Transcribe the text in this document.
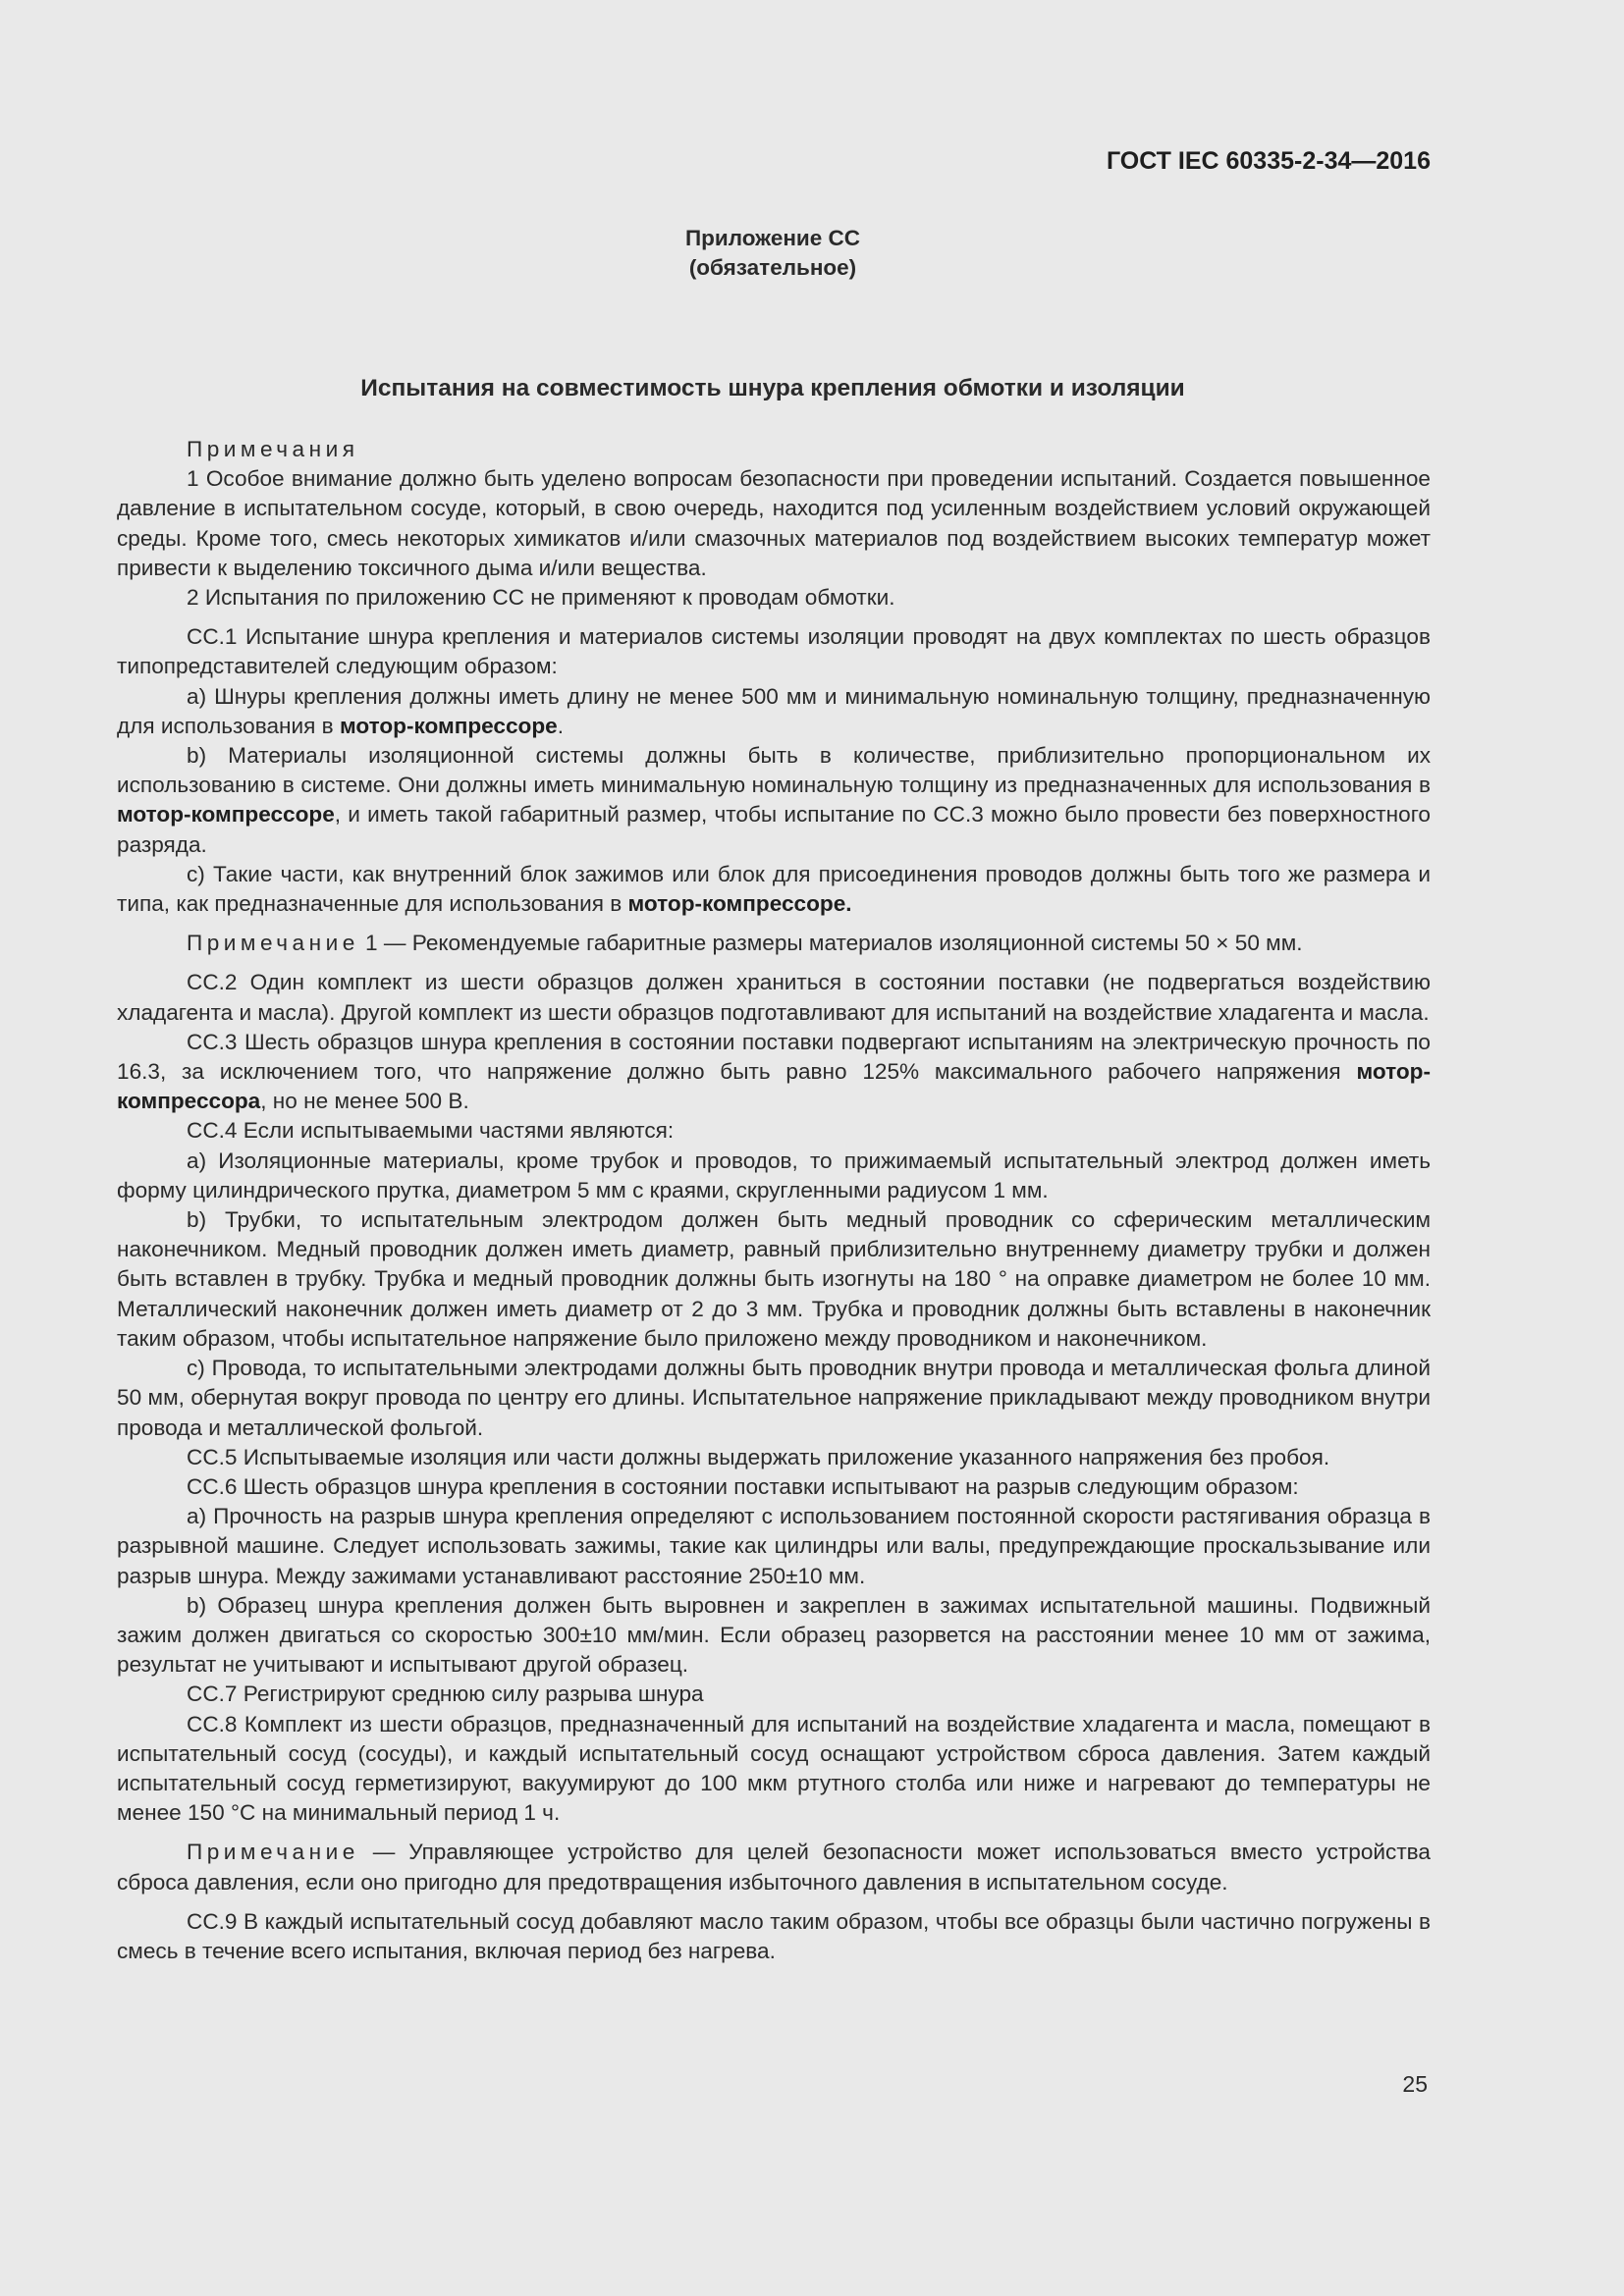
ГОСТ IEC 60335-2-34—2016
Приложение СС
(обязательное)
Испытания на совместимость шнура крепления обмотки и изоляции

Примечания

1 Особое внимание должно быть уделено вопросам безопасности при проведении испытаний. Создается повышенное давление в испытательном сосуде, который, в свою очередь, находится под усиленным воздействием условий окружающей среды. Кроме того, смесь некоторых химикатов и/или смазочных материалов под воздействием высоких температур может привести к выделению токсичного дыма и/или вещества.

2 Испытания по приложению СС не применяют к проводам обмотки.

СС.1 Испытание шнура крепления и материалов системы изоляции проводят на двух комплектах по шесть образцов типопредставителей следующим образом:

а) Шнуры крепления должны иметь длину не менее 500 мм и минимальную номинальную толщину, предназначенную для использования в мотор-компрессоре.

b) Материалы изоляционной системы должны быть в количестве, приблизительно пропорциональном их использованию в системе. Они должны иметь минимальную номинальную толщину из предназначенных для использования в мотор-компрессоре, и иметь такой габаритный размер, чтобы испытание по СС.3 можно было провести без поверхностного разряда.

с) Такие части, как внутренний блок зажимов или блок для присоединения проводов должны быть того же размера и типа, как предназначенные для использования в мотор-компрессоре.

Примечание 1 — Рекомендуемые габаритные размеры материалов изоляционной системы 50 × 50 мм.

СС.2 Один комплект из шести образцов должен храниться в состоянии поставки (не подвергаться воздействию хладагента и масла). Другой комплект из шести образцов подготавливают для испытаний на воздействие хладагента и масла.

СС.3 Шесть образцов шнура крепления в состоянии поставки подвергают испытаниям на электрическую прочность по 16.3, за исключением того, что напряжение должно быть равно 125% максимального рабочего напряжения мотор-компрессора, но не менее 500 В.

СС.4 Если испытываемыми частями являются:

а) Изоляционные материалы, кроме трубок и проводов, то прижимаемый испытательный электрод должен иметь форму цилиндрического прутка, диаметром 5 мм с краями, скругленными радиусом 1 мм.

b) Трубки, то испытательным электродом должен быть медный проводник со сферическим металлическим наконечником. Медный проводник должен иметь диаметр, равный приблизительно внутреннему диаметру трубки и должен быть вставлен в трубку. Трубка и медный проводник должны быть изогнуты на 180 ° на оправке диаметром не более 10 мм. Металлический наконечник должен иметь диаметр от 2 до 3 мм. Трубка и проводник должны быть вставлены в наконечник таким образом, чтобы испытательное напряжение было приложено между проводником и наконечником.

с) Провода, то испытательными электродами должны быть проводник внутри провода и металлическая фольга длиной 50 мм, обернутая вокруг провода по центру его длины. Испытательное напряжение прикладывают между проводником внутри провода и металлической фольгой.

СС.5 Испытываемые изоляция или части должны выдержать приложение указанного напряжения без пробоя.

СС.6 Шесть образцов шнура крепления в состоянии поставки испытывают на разрыв следующим образом:

а) Прочность на разрыв шнура крепления определяют с использованием постоянной скорости растягивания образца в разрывной машине. Следует использовать зажимы, такие как цилиндры или валы, предупреждающие проскальзывание или разрыв шнура. Между зажимами устанавливают расстояние 250±10 мм.

b) Образец шнура крепления должен быть выровнен и закреплен в зажимах испытательной машины. Подвижный зажим должен двигаться со скоростью 300±10 мм/мин. Если образец разорвется на расстоянии менее 10 мм от зажима, результат не учитывают и испытывают другой образец.

СС.7 Регистрируют среднюю силу разрыва шнура

СС.8 Комплект из шести образцов, предназначенный для испытаний на воздействие хладагента и масла, помещают в испытательный сосуд (сосуды), и каждый испытательный сосуд оснащают устройством сброса давления. Затем каждый испытательный сосуд герметизируют, вакуумируют до 100 мкм ртутного столба или ниже и нагревают до температуры не менее 150 °С на минимальный период 1 ч.

Примечание — Управляющее устройство для целей безопасности может использоваться вместо устройства сброса давления, если оно пригодно для предотвращения избыточного давления в испытательном сосуде.

СС.9 В каждый испытательный сосуд добавляют масло таким образом, чтобы все образцы были частично погружены в смесь в течение всего испытания, включая период без нагрева.

25
